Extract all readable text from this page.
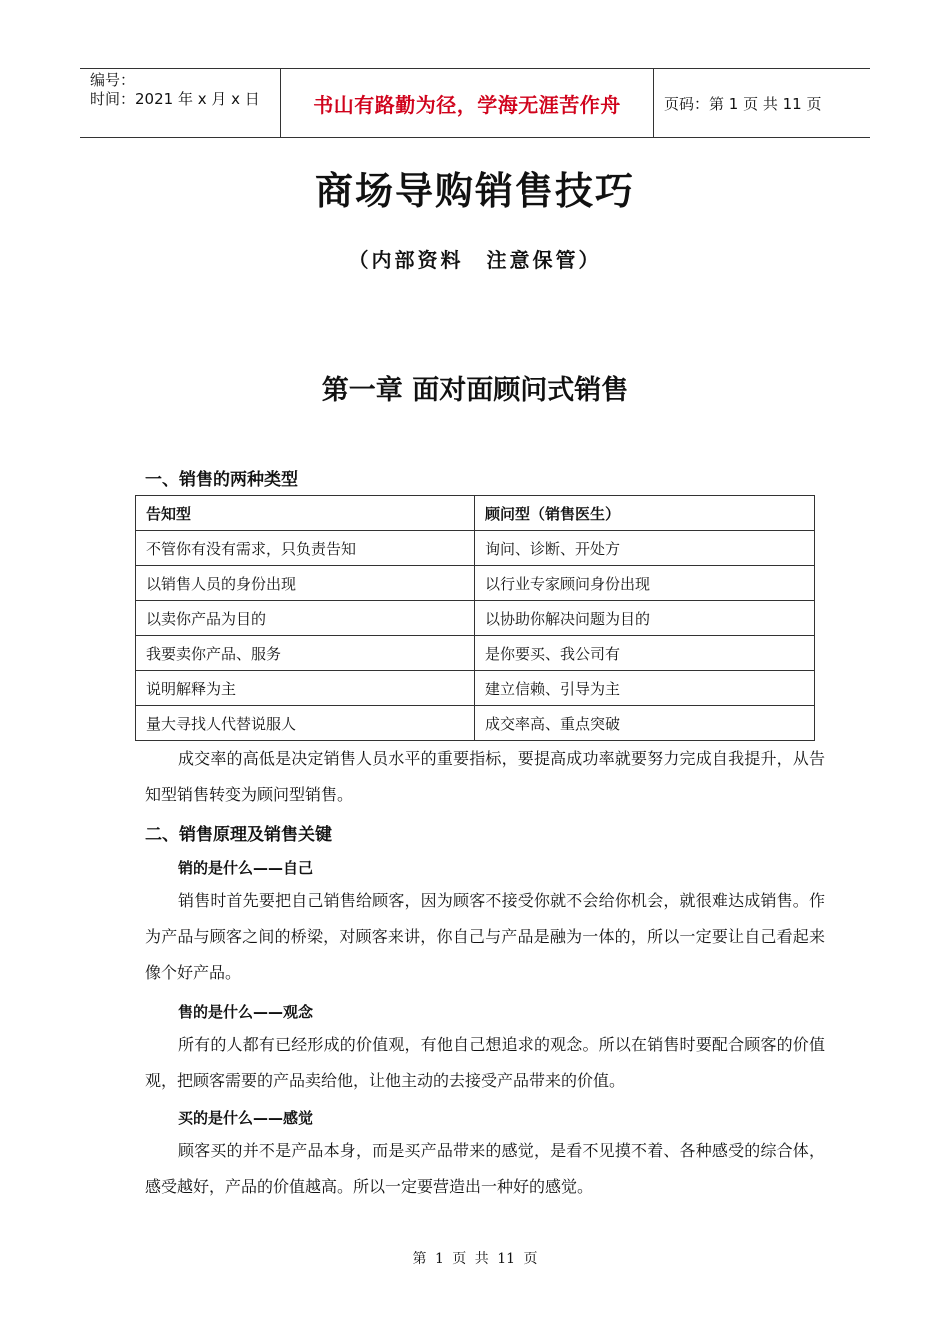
编号：
时间：2021 年 x 月 x 日	书山有路勤为径，学海无涯苦作舟	页码：第 1 页 共 11 页
商场导购销售技巧
（内部资料　注意保管）
第一章 面对面顾问式销售
一、销售的两种类型
告知型	顾问型（销售医生）
不管你有没有需求，只负责告知	询问、诊断、开处方
以销售人员的身份出现	以行业专家顾问身份出现
以卖你产品为目的	以协助你解决问题为目的
我要卖你产品、服务	是你要买、我公司有
说明解释为主	建立信赖、引导为主
量大寻找人代替说服人	成交率高、重点突破
成交率的高低是决定销售人员水平的重要指标，要提高成功率就要努力完成自我提升，从告知型销售转变为顾问型销售。
二、销售原理及销售关键
销的是什么——自己
销售时首先要把自己销售给顾客，因为顾客不接受你就不会给你机会，就很难达成销售。作为产品与顾客之间的桥梁，对顾客来讲，你自己与产品是融为一体的，所以一定要让自己看起来像个好产品。
售的是什么——观念
所有的人都有已经形成的价值观，有他自己想追求的观念。所以在销售时要配合顾客的价值观，把顾客需要的产品卖给他，让他主动的去接受产品带来的价值。
买的是什么——感觉
顾客买的并不是产品本身，而是买产品带来的感觉，是看不见摸不着、各种感受的综合体，感受越好，产品的价值越高。所以一定要营造出一种好的感觉。
第 1 页 共 11 页
